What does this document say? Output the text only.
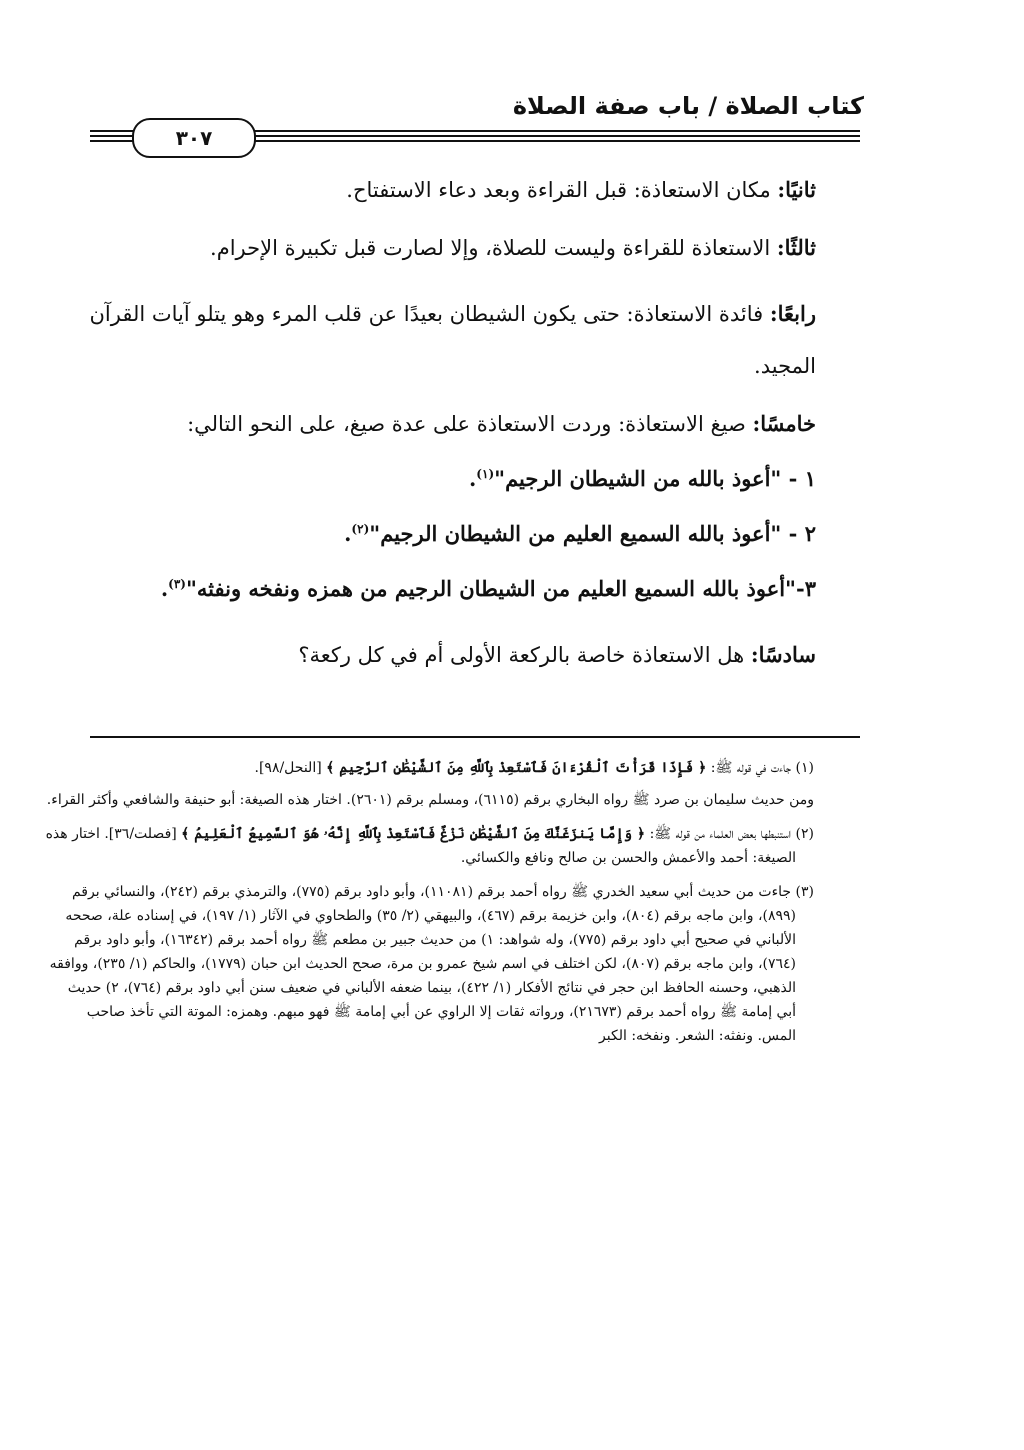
كتاب الصلاة / باب صفة الصلاة
٣٠٧

ثانيًا: مكان الاستعاذة: قبل القراءة وبعد دعاء الاستفتاح.

ثالثًا: الاستعاذة للقراءة وليست للصلاة، وإلا لصارت قبل تكبيرة الإحرام.

رابعًا: فائدة الاستعاذة: حتى يكون الشيطان بعيدًا عن قلب المرء وهو يتلو آيات القرآن المجيد.

خامسًا: صيغ الاستعاذة: وردت الاستعاذة على عدة صيغ، على النحو التالي:

١ - "أعوذ بالله من الشيطان الرجيم"$^{(١)}$.

٢ - "أعوذ بالله السميع العليم من الشيطان الرجيم"$^{(٢)}$.

٣-"أعوذ بالله السميع العليم من الشيطان الرجيم من همزه ونفخه ونفثه"$^{(٣)}$.

سادسًا: هل الاستعاذة خاصة بالركعة الأولى أم في كل ركعة؟

(١) جاءت في قوله ﷺ: ﴿ فَإِذَا قَرَأْتَ ٱلْقُرْءَانَ فَٱسْتَعِذْ بِٱللَّهِ مِنَ ٱلشَّيْطَٰنِ ٱلرَّجِيمِ ﴾ [النحل/٩٨].

ومن حديث سليمان بن صرد ﷺ رواه البخاري برقم (٦١١٥)، ومسلم برقم (٢٦٠١). اختار هذه الصيغة: أبو حنيفة والشافعي وأكثر القراء.

(٢) استنبطها بعض العلماء من قوله ﷺ: ﴿ وَإِمَّا يَنزَغَنَّكَ مِنَ ٱلشَّيْطَٰنِ نَزْغٌ فَٱسْتَعِذْ بِٱللَّهِ إِنَّهُۥ هُوَ ٱلسَّمِيعُ ٱلْعَلِيمُ ﴾ [فصلت/٣٦]. اختار هذه الصيغة: أحمد والأعمش والحسن بن صالح ونافع والكسائي.

(٣) جاءت من حديث أبي سعيد الخدري ﷺ رواه أحمد برقم (١١٠٨١)، وأبو داود برقم (٧٧٥)، والترمذي برقم (٢٤٢)، والنسائي برقم (٨٩٩)، وابن ماجه برقم (٨٠٤)، وابن خزيمة برقم (٤٦٧)، والبيهقي (٢/ ٣٥) والطحاوي في الآثار (١/ ١٩٧)، في إسناده علة، صححه الألباني في صحيح أبي داود برقم (٧٧٥)، وله شواهد: ١) من حديث جبير بن مطعم ﷺ رواه أحمد برقم (١٦٣٤٢)، وأبو داود برقم (٧٦٤)، وابن ماجه برقم (٨٠٧)، لكن اختلف في اسم شيخ عمرو بن مرة، صحح الحديث ابن حبان (١٧٧٩)، والحاكم (١/ ٢٣٥)، ووافقه الذهبي، وحسنه الحافظ ابن حجر في نتائج الأفكار (١/ ٤٢٢)، بينما ضعفه الألباني في ضعيف سنن أبي داود برقم (٧٦٤)، ٢) حديث أبي إمامة ﷺ رواه أحمد برقم (٢١٦٧٣)، ورواته ثقات إلا الراوي عن أبي إمامة ﷺ فهو مبهم. وهمزه: الموتة التي تأخذ صاحب المس. ونفثه: الشعر. ونفخه: الكبر
